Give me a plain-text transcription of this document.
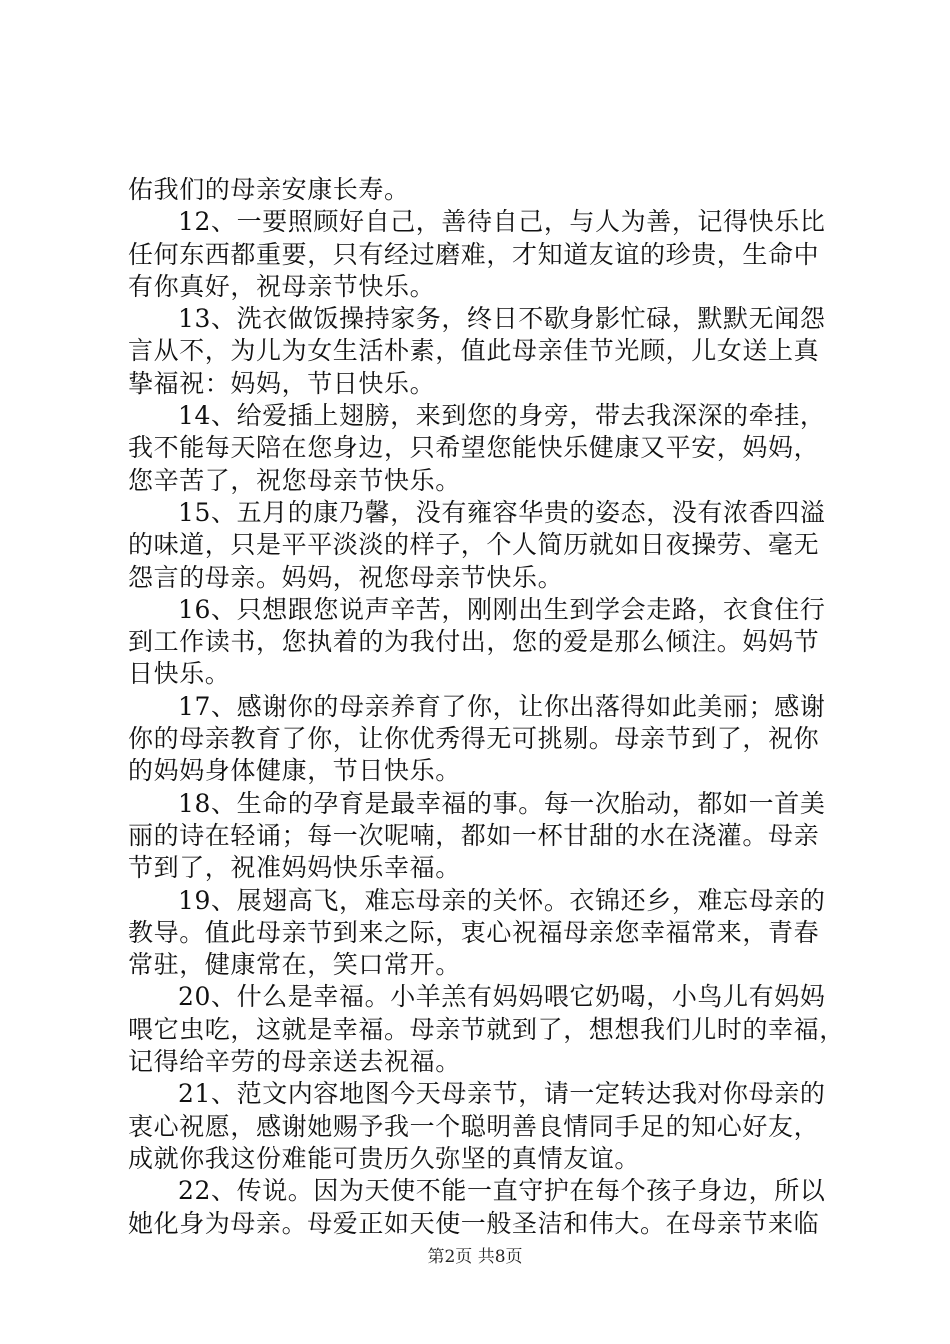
佑我们的母亲安康长寿。
12、一要照顾好自己，善待自己，与人为善，记得快乐比
任何东西都重要，只有经过磨难，才知道友谊的珍贵，生命中
有你真好，祝母亲节快乐。
13、洗衣做饭操持家务，终日不歇身影忙碌，默默无闻怨
言从不，为儿为女生活朴素，值此母亲佳节光顾，儿女送上真
挚福祝：妈妈，节日快乐。
14、给爱插上翅膀，来到您的身旁，带去我深深的牵挂，
我不能每天陪在您身边，只希望您能快乐健康又平安，妈妈，
您辛苦了，祝您母亲节快乐。
15、五月的康乃馨，没有雍容华贵的姿态，没有浓香四溢
的味道，只是平平淡淡的样子，个人简历就如日夜操劳、毫无
怨言的母亲。妈妈，祝您母亲节快乐。
16、只想跟您说声辛苦，刚刚出生到学会走路，衣食住行
到工作读书，您执着的为我付出，您的爱是那么倾注。妈妈节
日快乐。
17、感谢你的母亲养育了你，让你出落得如此美丽；感谢
你的母亲教育了你，让你优秀得无可挑剔。母亲节到了，祝你
的妈妈身体健康，节日快乐。
18、生命的孕育是最幸福的事。每一次胎动，都如一首美
丽的诗在轻诵；每一次呢喃，都如一杯甘甜的水在浇灌。母亲
节到了，祝准妈妈快乐幸福。
19、展翅高飞，难忘母亲的关怀。衣锦还乡，难忘母亲的
教导。值此母亲节到来之际，衷心祝福母亲您幸福常来，青春
常驻，健康常在，笑口常开。
20、什么是幸福。小羊羔有妈妈喂它奶喝，小鸟儿有妈妈
喂它虫吃，这就是幸福。母亲节就到了，想想我们儿时的幸福，
记得给辛劳的母亲送去祝福。
21、范文内容地图今天母亲节，请一定转达我对你母亲的
衷心祝愿，感谢她赐予我一个聪明善良情同手足的知心好友，
成就你我这份难能可贵历久弥坚的真情友谊。
22、传说。因为天使不能一直守护在每个孩子身边，所以
她化身为母亲。母爱正如天使一般圣洁和伟大。在母亲节来临
第2页 共8页
